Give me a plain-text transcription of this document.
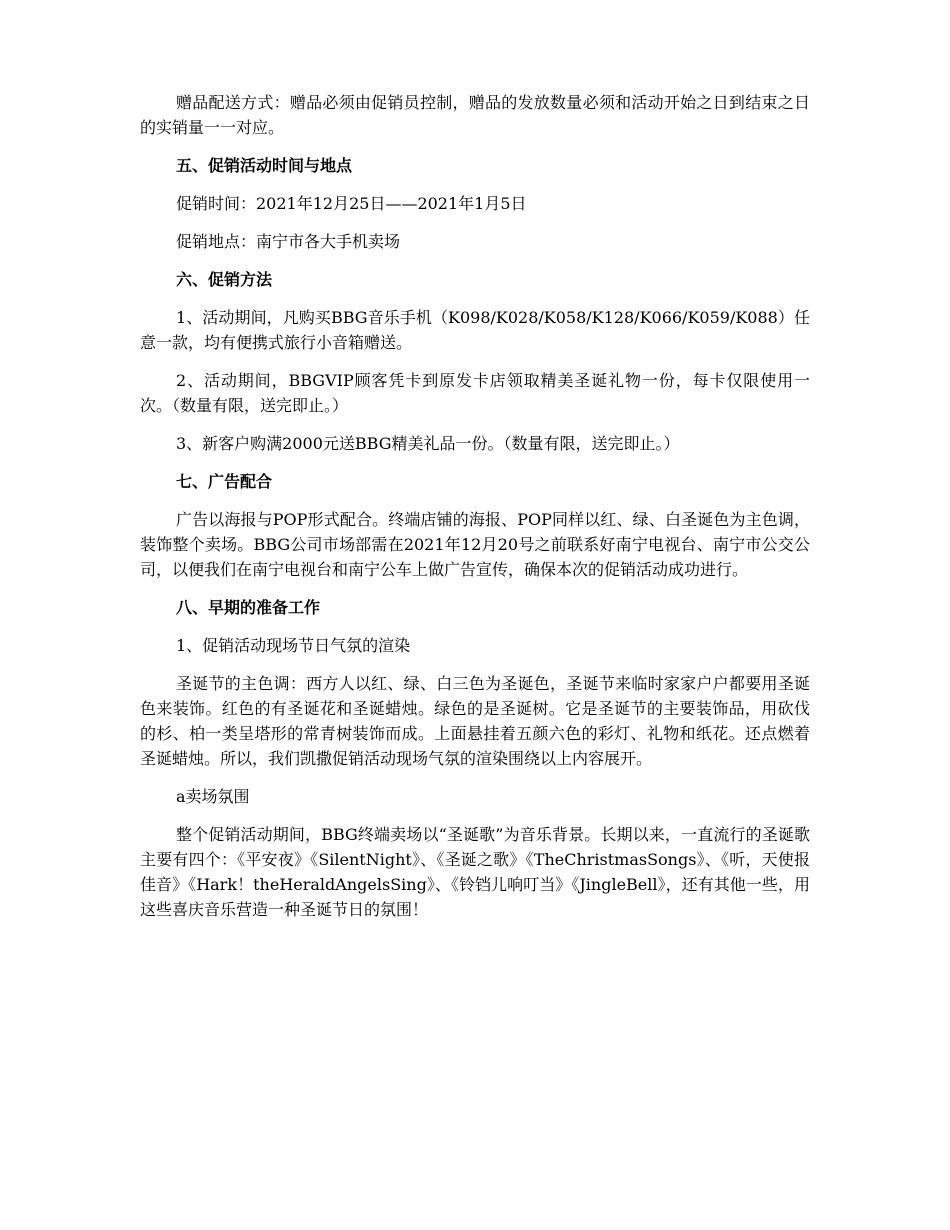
赠品配送方式：赠品必须由促销员控制，赠品的发放数量必须和活动开始之日到结束之日的实销量一一对应。

五、促销活动时间与地点

促销时间：2021年12月25日——2021年1月5日

促销地点：南宁市各大手机卖场

六、促销方法

1、活动期间，凡购买BBG音乐手机（K098/K028/K058/K128/K066/K059/K088）任意一款，均有便携式旅行小音箱赠送。

2、活动期间，BBGVIP顾客凭卡到原发卡店领取精美圣诞礼物一份，每卡仅限使用一次。（数量有限，送完即止。）

3、新客户购满2000元送BBG精美礼品一份。（数量有限，送完即止。）

七、广告配合

广告以海报与POP形式配合。终端店铺的海报、POP同样以红、绿、白圣诞色为主色调，装饰整个卖场。BBG公司市场部需在2021年12月20号之前联系好南宁电视台、南宁市公交公司，以便我们在南宁电视台和南宁公车上做广告宣传，确保本次的促销活动成功进行。

八、早期的准备工作

1、促销活动现场节日气氛的渲染

圣诞节的主色调：西方人以红、绿、白三色为圣诞色，圣诞节来临时家家户户都要用圣诞色来装饰。红色的有圣诞花和圣诞蜡烛。绿色的是圣诞树。它是圣诞节的主要装饰品，用砍伐的杉、柏一类呈塔形的常青树装饰而成。上面悬挂着五颜六色的彩灯、礼物和纸花。还点燃着圣诞蜡烛。所以，我们凯撒促销活动现场气氛的渲染围绕以上内容展开。

a卖场氛围

整个促销活动期间，BBG终端卖场以“圣诞歌”为音乐背景。长期以来，一直流行的圣诞歌主要有四个：《平安夜》《SilentNight》、《圣诞之歌》《TheChristmasSongs》、《听，天使报佳音》《Hark！theHeraldAngelsSing》、《铃铛儿响叮当》《JingleBell》，还有其他一些，用这些喜庆音乐营造一种圣诞节日的氛围！
